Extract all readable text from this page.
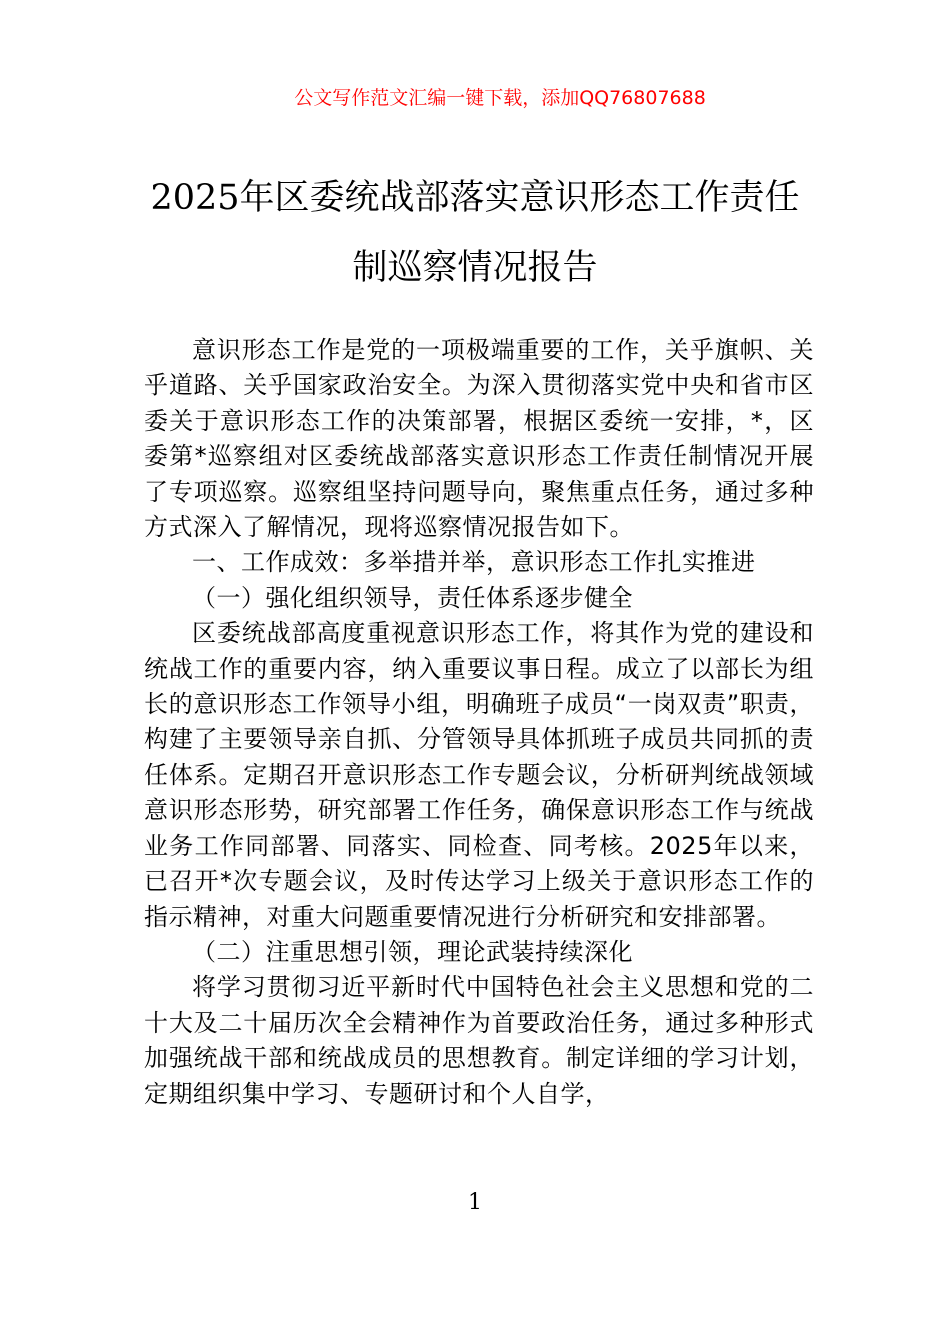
公文写作范文汇编一键下载，添加QQ76807688
2025年区委统战部落实意识形态工作责任
制巡察情况报告

意识形态工作是党的一项极端重要的工作，关乎旗帜、关乎道路、关乎国家政治安全。为深入贯彻落实党中央和省市区委关于意识形态工作的决策部署，根据区委统一安排，*，区委第*巡察组对区委统战部落实意识形态工作责任制情况开展了专项巡察。巡察组坚持问题导向，聚焦重点任务，通过多种方式深入了解情况，现将巡察情况报告如下。

一、工作成效：多举措并举，意识形态工作扎实推进

（一）强化组织领导，责任体系逐步健全

区委统战部高度重视意识形态工作，将其作为党的建设和统战工作的重要内容，纳入重要议事日程。成立了以部长为组长的意识形态工作领导小组，明确班子成员“一岗双责”职责，构建了主要领导亲自抓、分管领导具体抓班子成员共同抓的责任体系。定期召开意识形态工作专题会议，分析研判统战领域意识形态形势，研究部署工作任务，确保意识形态工作与统战业务工作同部署、同落实、同检查、同考核。2025年以来，已召开*次专题会议，及时传达学习上级关于意识形态工作的指示精神，对重大问题重要情况进行分析研究和安排部署。

（二）注重思想引领，理论武装持续深化

将学习贯彻习近平新时代中国特色社会主义思想和党的二十大及二十届历次全会精神作为首要政治任务，通过多种形式加强统战干部和统战成员的思想教育。制定详细的学习计划，定期组织集中学习、专题研讨和个人自学，

1
